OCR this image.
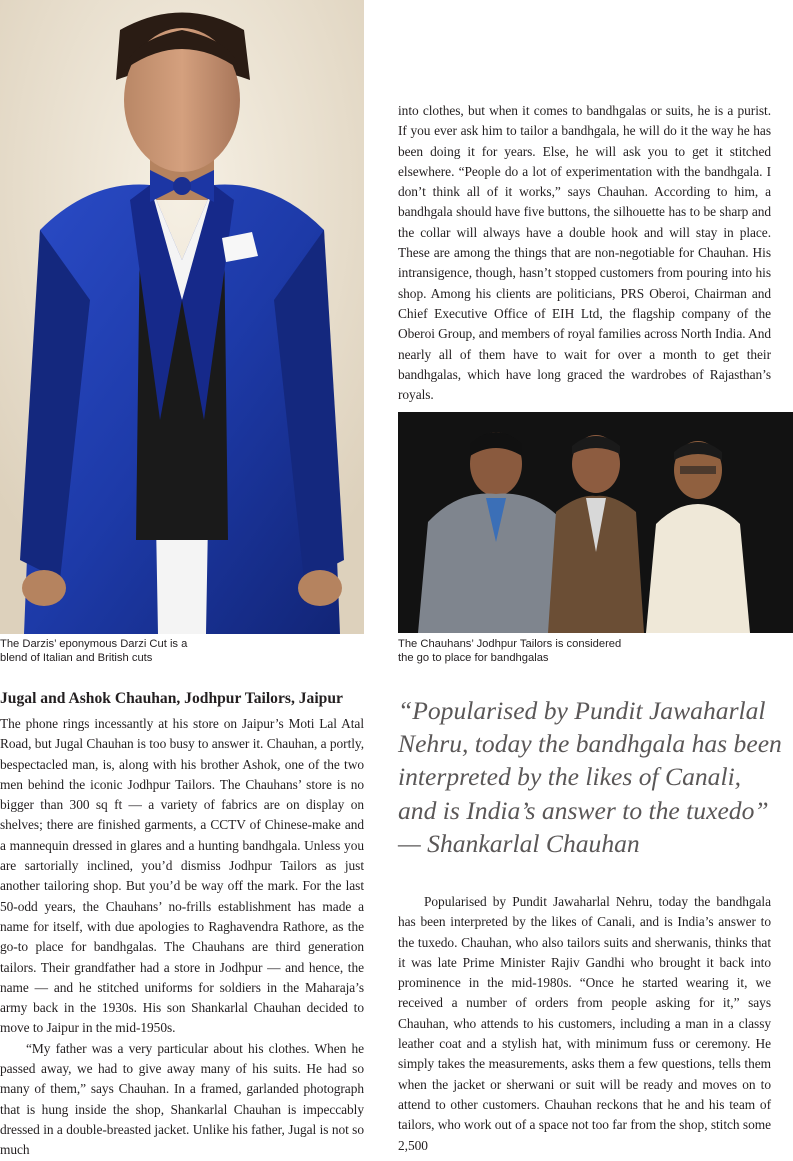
The Darzis’ eponymous Darzi Cut is a
blend of Italian and British cuts

into clothes, but when it comes to bandhgalas or suits, he is a purist. If you ever ask him to tailor a bandhgala, he will do it the way he has been doing it for years. Else, he will ask you to get it stitched elsewhere. “People do a lot of experimentation with the bandhgala. I don’t think all of it works,” says Chauhan. According to him, a bandhgala should have five buttons, the silhouette has to be sharp and the collar will always have a double hook and will stay in place. These are among the things that are non-negotiable for Chauhan. His intransigence, though, hasn’t stopped customers from pouring into his shop. Among his clients are politicians, PRS Oberoi, Chairman and Chief Executive Office of EIH Ltd, the flagship company of the Oberoi Group, and members of royal families across North India. And nearly all of them have to wait for over a month to get their bandhgalas, which have long graced the wardrobes of Rajasthan’s royals.

The Chauhans’ Jodhpur Tailors is considered
the go to place for bandhgalas
Jugal and Ashok Chauhan, Jodhpur Tailors, Jaipur

The phone rings incessantly at his store on Jaipur’s Moti Lal Atal Road, but Jugal Chauhan is too busy to answer it. Chauhan, a portly, bespectacled man, is, along with his brother Ashok, one of the two men behind the iconic Jodhpur Tailors. The Chauhans’ store is no bigger than 300 sq ft — a variety of fabrics are on display on shelves; there are finished garments, a CCTV of Chinese-make and a mannequin dressed in glares and a hunting bandhgala. Unless you are sartorially inclined, you’d dismiss Jodhpur Tailors as just another tailoring shop. But you’d be way off the mark. For the last 50-odd years, the Chauhans’ no-frills establishment has made a name for itself, with due apologies to Raghavendra Rathore, as the go-to place for bandhgalas. The Chauhans are third generation tailors. Their grandfather had a store in Jodhpur — and hence, the name — and he stitched uniforms for soldiers in the Maharaja’s army back in the 1930s. His son Shankarlal Chauhan decided to move to Jaipur in the mid-1950s.

“My father was a very particular about his clothes. When he passed away, we had to give away many of his suits. He had so many of them,” says Chauhan. In a framed, garlanded photograph that is hung inside the shop, Shankarlal Chauhan is impeccably dressed in a double-breasted jacket. Unlike his father, Jugal is not so much

“Popularised by Pundit Jawaharlal
Nehru, today the bandhgala has been
interpreted by the likes of Canali,
and is India’s answer to the tuxedo”
— Shankarlal Chauhan

Popularised by Pundit Jawaharlal Nehru, today the bandhgala has been interpreted by the likes of Canali, and is India’s answer to the tuxedo. Chauhan, who also tailors suits and sherwanis, thinks that it was late Prime Minister Rajiv Gandhi who brought it back into prominence in the mid-1980s. “Once he started wearing it, we received a number of orders from people asking for it,” says Chauhan, who attends to his customers, including a man in a classy leather coat and a stylish hat, with minimum fuss or ceremony. He simply takes the measurements, asks them a few questions, tells them when the jacket or sherwani or suit will be ready and moves on to attend to other customers. Chauhan reckons that he and his team of tailors, who work out of a space not too far from the shop, stitch some 2,500
